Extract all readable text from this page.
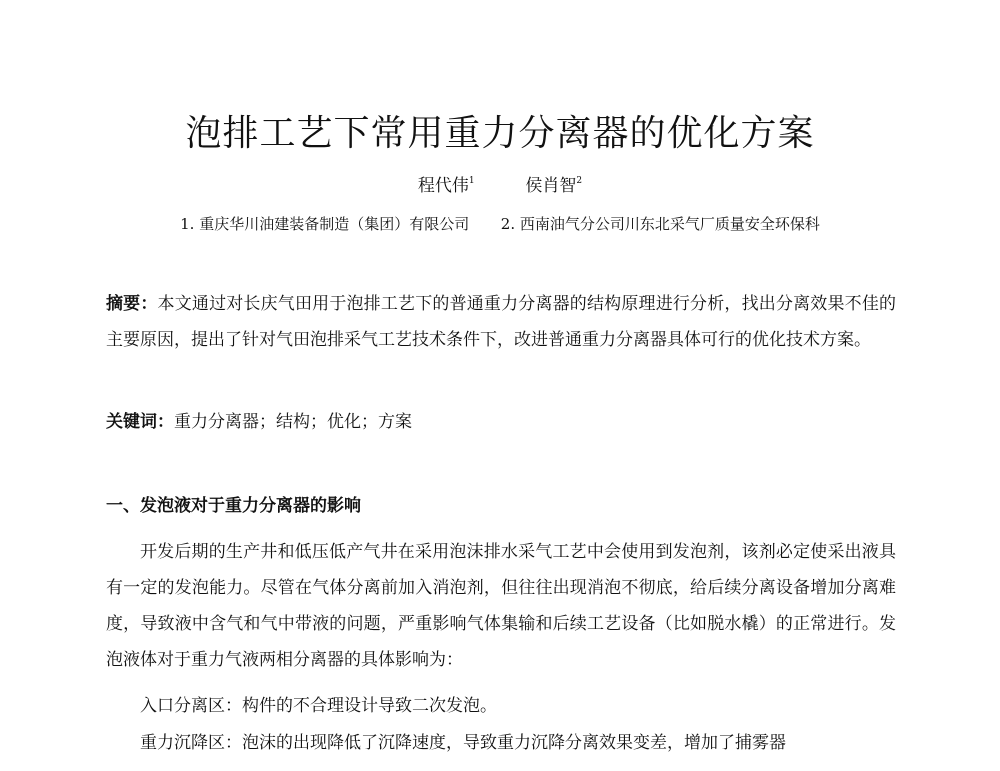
泡排工艺下常用重力分离器的优化方案
程代伟$^1$	侯肖智$^2$
1. 重庆华川油建装备制造（集团）有限公司 2. 西南油气分公司川东北采气厂质量安全环保科

摘要：本文通过对长庆气田用于泡排工艺下的普通重力分离器的结构原理进行分析，找出分离效果不佳的主要原因，提出了针对气田泡排采气工艺技术条件下，改进普通重力分离器具体可行的优化技术方案。

关键词：重力分离器；结构；优化；方案

一、发泡液对于重力分离器的影响

开发后期的生产井和低压低产气井在采用泡沫排水采气工艺中会使用到发泡剂，该剂必定使采出液具有一定的发泡能力。尽管在气体分离前加入消泡剂，但往往出现消泡不彻底，给后续分离设备增加分离难度，导致液中含气和气中带液的问题，严重影响气体集输和后续工艺设备（比如脱水橇）的正常进行。发泡液体对于重力气液两相分离器的具体影响为：

入口分离区：构件的不合理设计导致二次发泡。

重力沉降区：泡沫的出现降低了沉降速度，导致重力沉降分离效果变差，增加了捕雾器
